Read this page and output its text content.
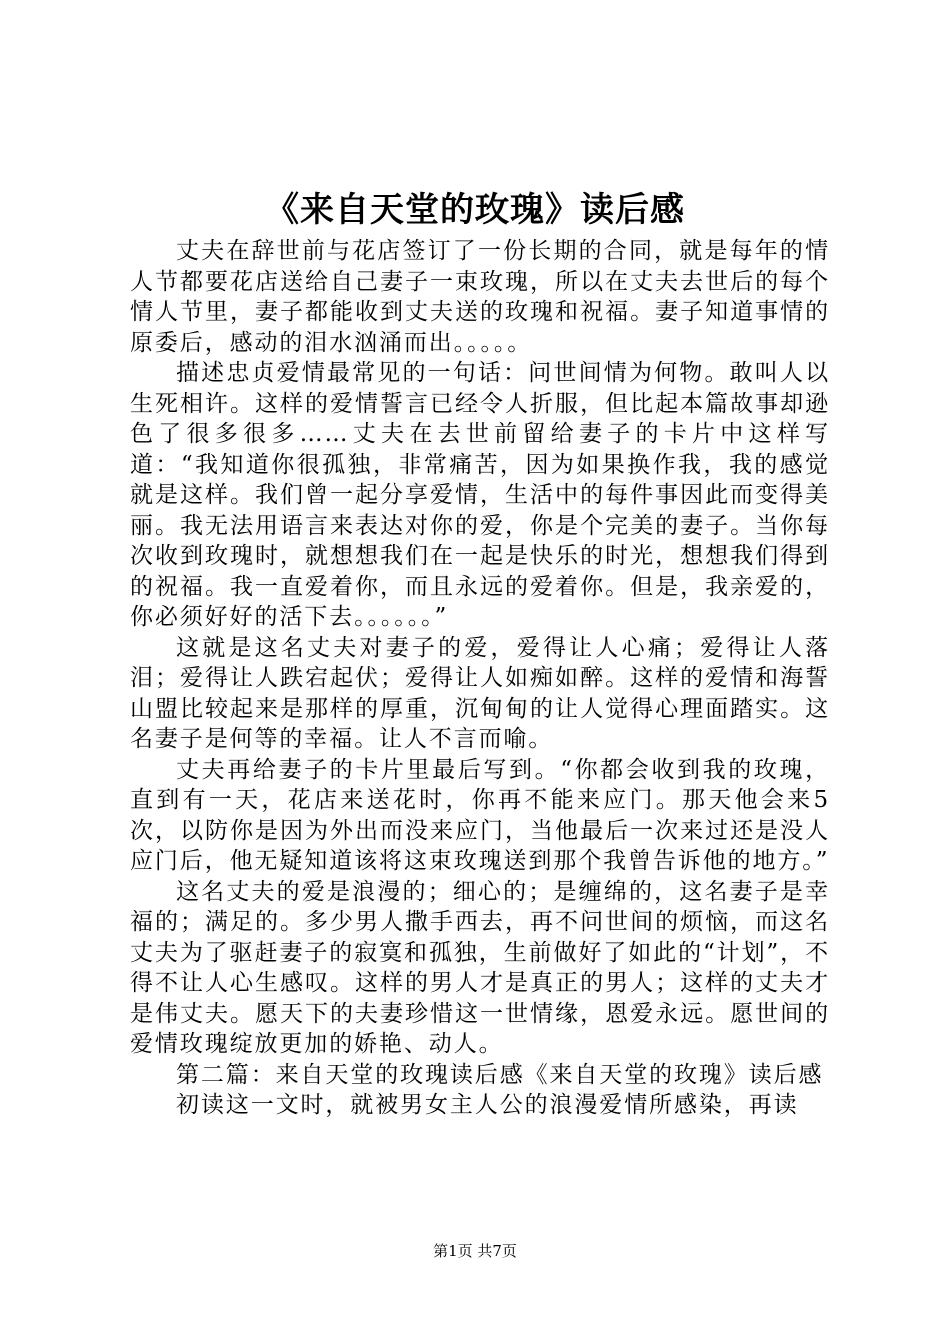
《来自天堂的玫瑰》读后感

丈夫在辞世前与花店签订了一份长期的合同，就是每年的情人节都要花店送给自己妻子一束玫瑰，所以在丈夫去世后的每个情人节里，妻子都能收到丈夫送的玫瑰和祝福。妻子知道事情的原委后，感动的泪水汹涌而出。。。。。

描述忠贞爱情最常见的一句话：问世间情为何物。敢叫人以生死相许。这样的爱情誓言已经令人折服，但比起本篇故事却逊色了很多很多……丈夫在去世前留给妻子的卡片中这样写道：“我知道你很孤独，非常痛苦，因为如果换作我，我的感觉就是这样。我们曾一起分享爱情，生活中的每件事因此而变得美丽。我无法用语言来表达对你的爱，你是个完美的妻子。当你每次收到玫瑰时，就想想我们在一起是快乐的时光，想想我们得到的祝福。我一直爱着你，而且永远的爱着你。但是，我亲爱的，你必须好好的活下去。。。。。。”

这就是这名丈夫对妻子的爱，爱得让人心痛；爱得让人落泪；爱得让人跌宕起伏；爱得让人如痴如醉。这样的爱情和海誓山盟比较起来是那样的厚重，沉甸甸的让人觉得心理面踏实。这名妻子是何等的幸福。让人不言而喻。

丈夫再给妻子的卡片里最后写到。“你都会收到我的玫瑰，直到有一天，花店来送花时，你再不能来应门。那天他会来5次，以防你是因为外出而没来应门，当他最后一次来过还是没人应门后，他无疑知道该将这束玫瑰送到那个我曾告诉他的地方。”

这名丈夫的爱是浪漫的；细心的；是缠绵的，这名妻子是幸福的；满足的。多少男人撒手西去，再不问世间的烦恼，而这名丈夫为了驱赶妻子的寂寞和孤独，生前做好了如此的“计划”，不得不让人心生感叹。这样的男人才是真正的男人；这样的丈夫才是伟丈夫。愿天下的夫妻珍惜这一世情缘，恩爱永远。愿世间的爱情玫瑰绽放更加的娇艳、动人。

第二篇：来自天堂的玫瑰读后感《来自天堂的玫瑰》读后感

初读这一文时，就被男女主人公的浪漫爱情所感染，再读

第1页 共7页
